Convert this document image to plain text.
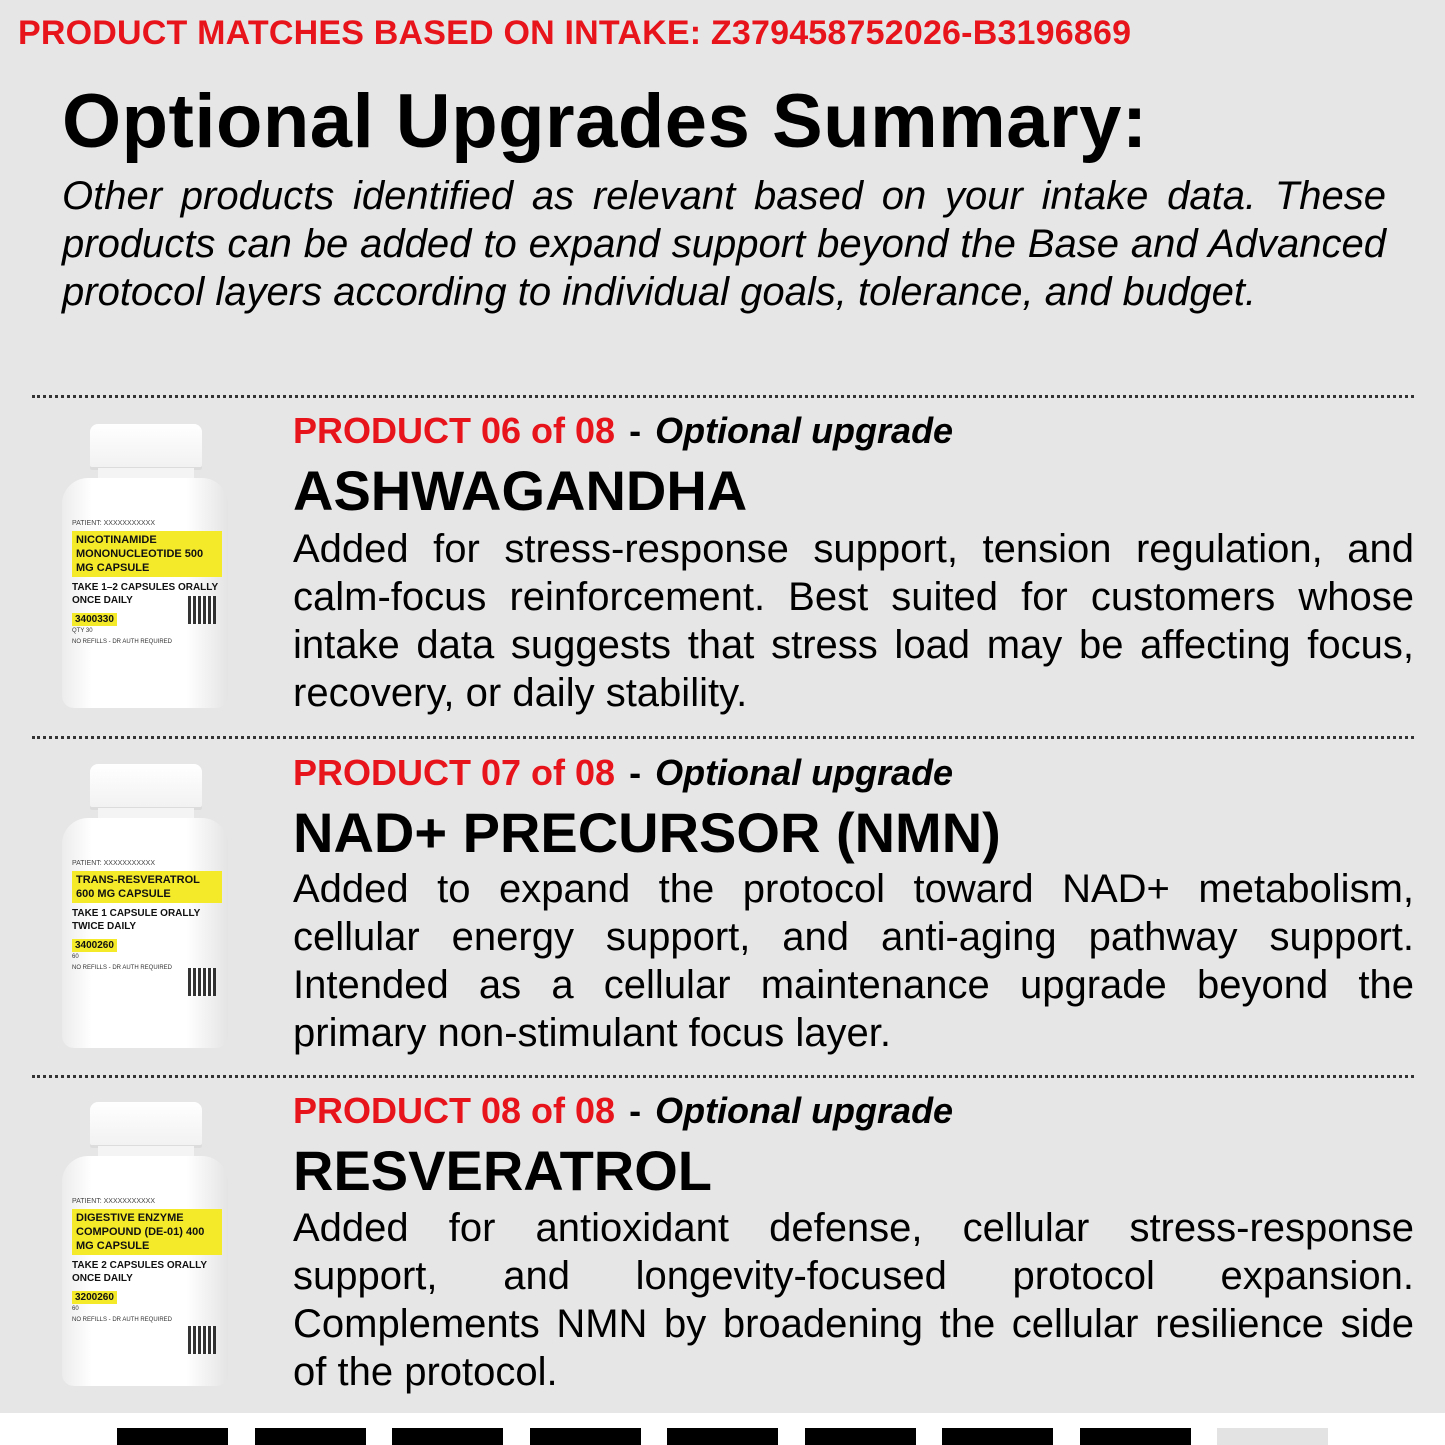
PRODUCT MATCHES BASED ON INTAKE: Z379458752026-B3196869
Optional Upgrades Summary:

Other products identified as relevant based on your intake data. These products can be added to expand support beyond the Base and Advanced protocol layers according to individual goals, tolerance, and budget.

PATIENT: XXXXXXXXXXX
NICOTINAMIDE MONONUCLEOTIDE 500 MG CAPSULE
TAKE 1–2 CAPSULES ORALLY ONCE DAILY
3400330
QTY 30
NO REFILLS - DR AUTH REQUIRED
PRODUCT 06 of 08 - Optional upgrade
ASHWAGANDHA

Added for stress-response support, tension regulation, and calm-focus reinforcement. Best suited for customers whose intake data suggests that stress load may be affecting focus, recovery, or daily stability.

PATIENT: XXXXXXXXXXX
TRANS-RESVERATROL 600 MG CAPSULE
TAKE 1 CAPSULE ORALLY TWICE DAILY
3400260
60
NO REFILLS - DR AUTH REQUIRED
PRODUCT 07 of 08 - Optional upgrade
NAD+ PRECURSOR (NMN)

Added to expand the protocol toward NAD+ metabolism, cellular energy support, and anti-aging pathway support. Intended as a cellular maintenance upgrade beyond the primary non-stimulant focus layer.

PATIENT: XXXXXXXXXXX
DIGESTIVE ENZYME COMPOUND (DE-01) 400 MG CAPSULE
TAKE 2 CAPSULES ORALLY ONCE DAILY
3200260
60
NO REFILLS - DR AUTH REQUIRED
PRODUCT 08 of 08 - Optional upgrade
RESVERATROL

Added for antioxidant defense, cellular stress-response support, and longevity-focused protocol expansion. Complements NMN by broadening the cellular resilience side of the protocol.
